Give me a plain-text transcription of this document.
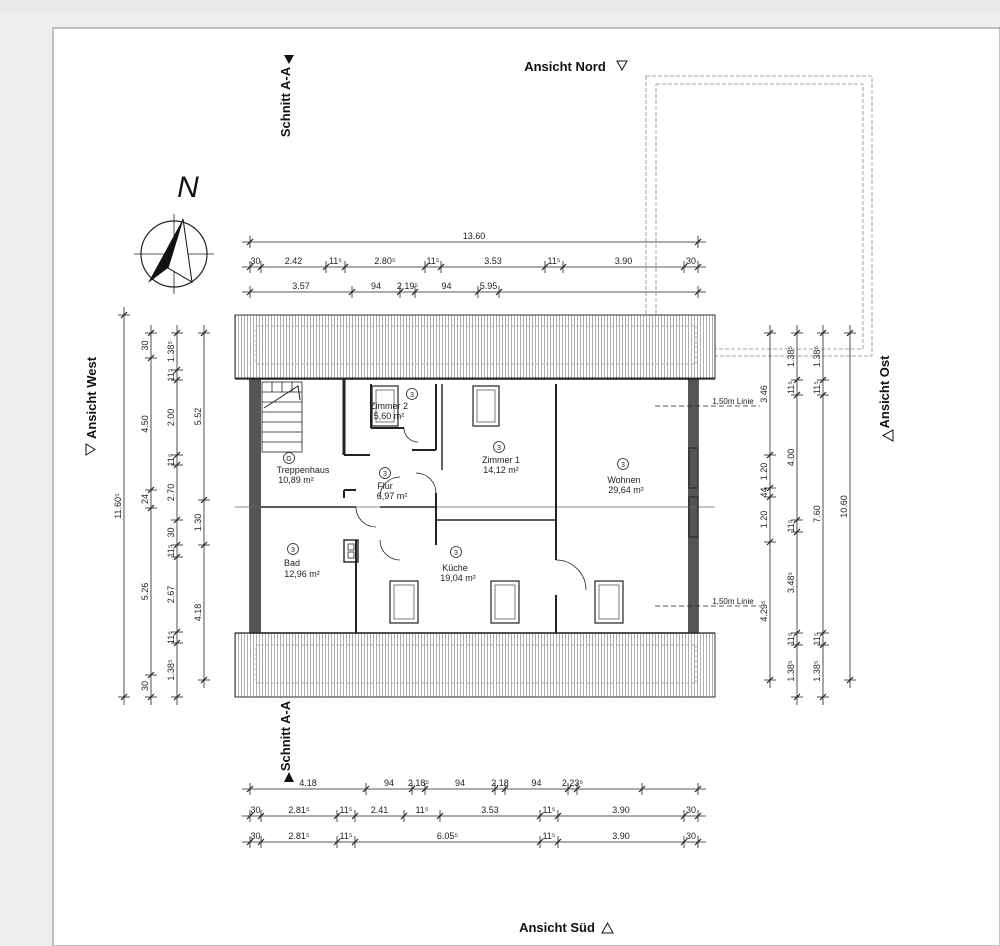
Ansicht Nord
Ansicht Süd
Ansicht West	Ansicht Ost
Schnitt A-A
Schnitt A-A
N
3
Zimmer 2
5,60 m²
3
Zimmer 1
14,12 m²	3
Wohnen
29,64 m²
G
Treppenhaus
10,89 m²
3
Flur
6,97 m²
3
Bad
12,96 m²
3
Küche
19,04 m²
1,50m Linie
1,50m Linie
13.60
30	2.42	11⁵	2.80⁵	11⁵	3.53	11⁵	3.90	30
3.57	94 2.19⁵	94	5.95
4.18	94 2.18⁵	94	2.18	94 2.23⁵
30	2.81⁵	11⁵ 2.41	11⁵	3.53	11⁵	3.90	30
30	2.81⁵	11⁵	6.05⁵	11⁵	3.90	30
11.60⁵
30
4.50
24
5.26
30
1.38⁵
11⁵
2.00
11⁵
2.70
30
11⁵
2.67
11⁵
1.38⁵
5.52
1.30
4.18
3.46
1.20
44
1.20
4.29⁵
1.38⁵
11⁵
4.00
11⁵
3.48⁵
11⁵
1.38⁵
1.38⁵
11⁵
7.60
11⁵
1.38⁵
10.60
